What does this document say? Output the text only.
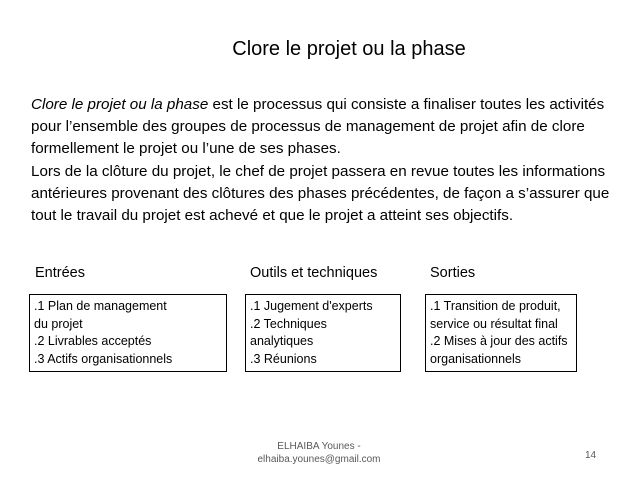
Clore le projet ou la phase
Clore le projet ou la phase est le processus qui consiste a finaliser toutes les activités pour l’ensemble des groupes de processus de management de projet afin de clore formellement le projet ou l’une de ses phases.
Lors de la clôture du projet, le chef de projet passera en revue toutes les informations antérieures provenant des clôtures des phases précédentes, de façon a s’assurer que tout le travail du projet est achevé et que le projet a atteint ses objectifs.
Entrées
.1 Plan de management
du projet
.2 Livrables acceptés
.3 Actifs organisationnels
Outils et techniques
.1 Jugement d'experts
.2 Techniques
analytiques
.3 Réunions
Sorties
.1 Transition de produit,
service ou résultat final
.2 Mises à jour des actifs
organisationnels
ELHAIBA Younes -
elhaiba.younes@gmail.com	14
